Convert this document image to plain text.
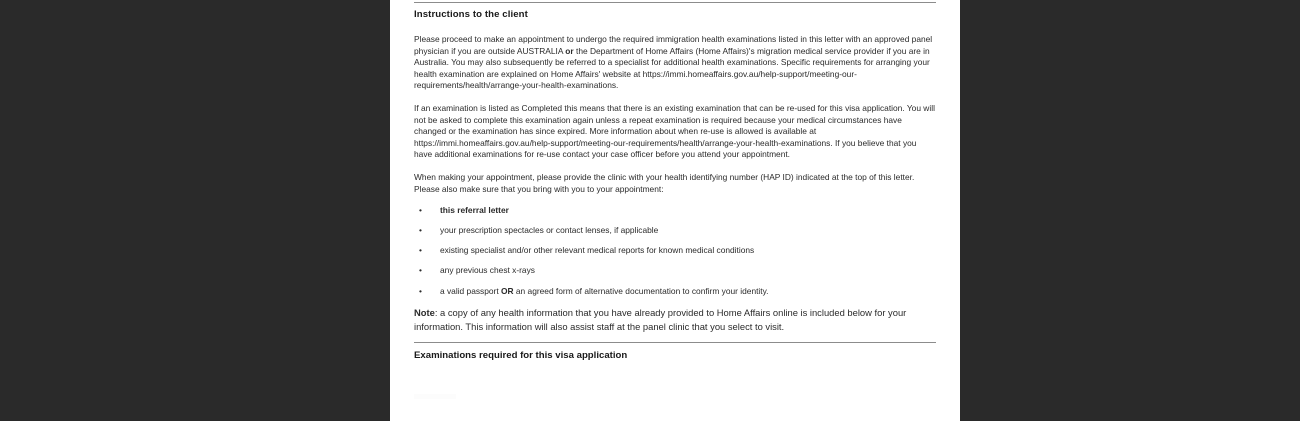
Instructions to the client

Please proceed to make an appointment to undergo the required immigration health examinations listed in this letter with an approved panel physician if you are outside AUSTRALIA or the Department of Home Affairs (Home Affairs)'s migration medical service provider if you are in Australia. You may also subsequently be referred to a specialist for additional health examinations. Specific requirements for arranging your health examination are explained on Home Affairs' website at https://immi.homeaffairs.gov.au/help-support/meeting-our-requirements/health/arrange-your-health-examinations.

If an examination is listed as Completed this means that there is an existing examination that can be re-used for this visa application. You will not be asked to complete this examination again unless a repeat examination is required because your medical circumstances have changed or the examination has since expired. More information about when re-use is allowed is available at https://immi.homeaffairs.gov.au/help-support/meeting-our-requirements/health/arrange-your-health-examinations. If you believe that you have additional examinations for re-use contact your case officer before you attend your appointment.

When making your appointment, please provide the clinic with your health identifying number (HAP ID) indicated at the top of this letter. Please also make sure that you bring with you to your appointment:

• this referral letter
• your prescription spectacles or contact lenses, if applicable
• existing specialist and/or other relevant medical reports for known medical conditions
• any previous chest x-rays
• a valid passport OR an agreed form of alternative documentation to confirm your identity.

Note: a copy of any health information that you have already provided to Home Affairs online is included below for your information. This information will also assist staff at the panel clinic that you select to visit.

Examinations required for this visa application
